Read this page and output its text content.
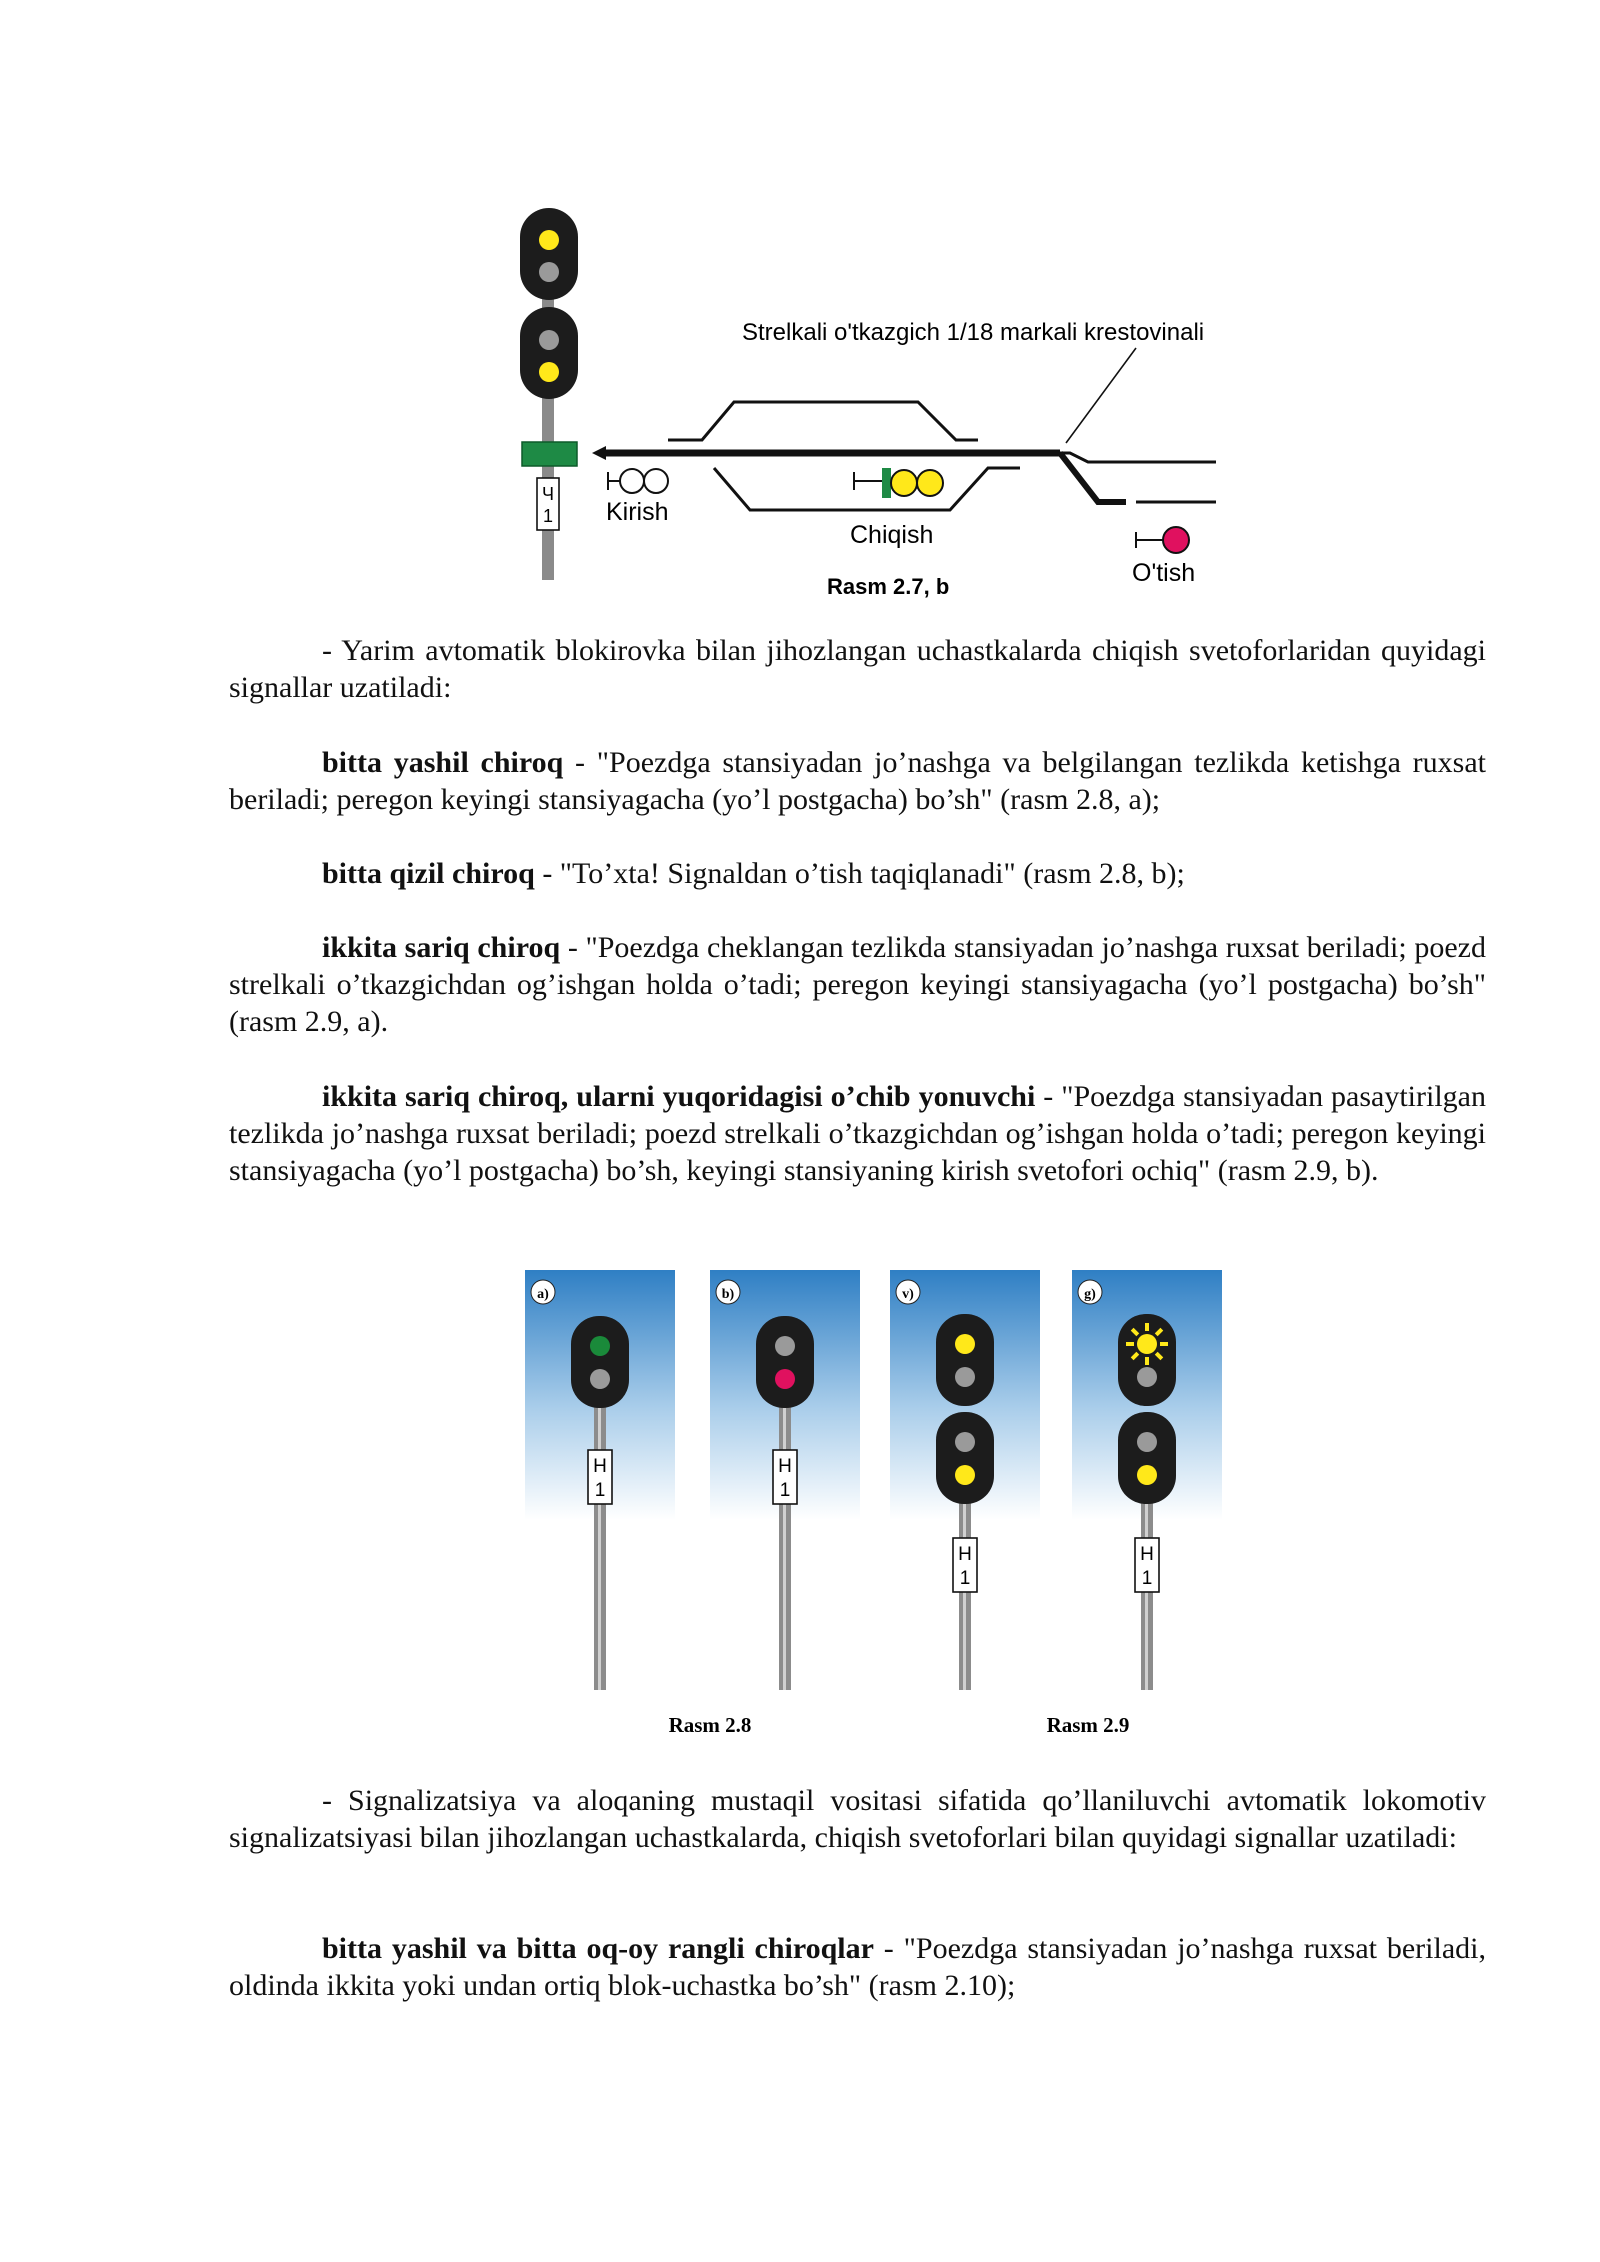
Ч
1 Kirish
Chiqish
O'tish
Strelkali o'tkazgich 1/18 markali krestovinali
Rasm 2.7, b

- Yarim avtomatik blokirovka bilan jihozlangan uchastkalarda chiqish svetoforlaridan quyidagi signallar uzatiladi:

bitta yashil chiroq - "Poezdga stansiyadan jo’nashga va belgilangan tezlikda ketishga ruxsat beriladi; peregon keyingi stansiyagacha (yo’l postgacha) bo’sh" (rasm 2.8, a);

bitta qizil chiroq - "To’xta! Signaldan o’tish taqiqlanadi" (rasm 2.8, b);

ikkita sariq chiroq - "Poezdga cheklangan tezlikda stansiyadan jo’nashga ruxsat beriladi; poezd strelkali o’tkazgichdan og’ishgan holda o’tadi; peregon keyingi stansiyagacha (yo’l postgacha) bo’sh" (rasm 2.9, a).

ikkita sariq chiroq, ularni yuqoridagisi o’chib yonuvchi - "Poezdga stansiyadan pasaytirilgan tezlikda jo’nashga ruxsat beriladi; poezd strelkali o’tkazgichdan og’ishgan holda o’tadi; peregon keyingi stansiyagacha (yo’l postgacha) bo’sh, keyingi stansiyaning kirish svetofori ochiq" (rasm 2.9, b).

a)
Н
1
b)
Н
1
v)
Н
1
g)
Н
1
Rasm 2.8	Rasm 2.9

- Signalizatsiya va aloqaning mustaqil vositasi sifatida qo’llaniluvchi avtomatik lokomotiv signalizatsiyasi bilan jihozlangan uchastkalarda, chiqish svetoforlari bilan quyidagi signallar uzatiladi:

bitta yashil va bitta oq-oy rangli chiroqlar - "Poezdga stansiyadan jo’nashga ruxsat beriladi, oldinda ikkita yoki undan ortiq blok-uchastka bo’sh" (rasm 2.10);
